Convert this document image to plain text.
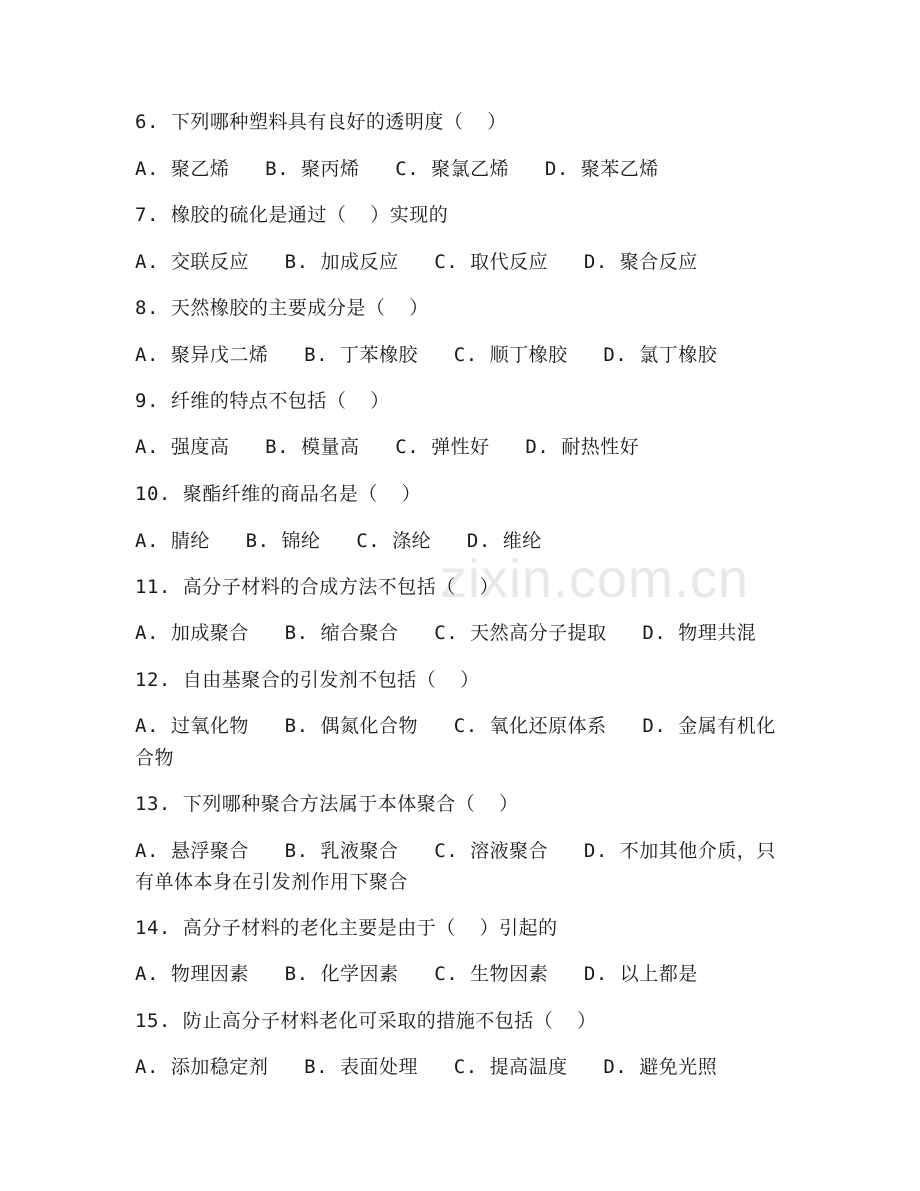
zixin.com.cn
6. 下列哪种塑料具有良好的透明度（  ）
A. 聚乙烯   B. 聚丙烯   C. 聚氯乙烯   D. 聚苯乙烯
7. 橡胶的硫化是通过（  ）实现的
A. 交联反应   B. 加成反应   C. 取代反应   D. 聚合反应
8. 天然橡胶的主要成分是（  ）
A. 聚异戊二烯   B. 丁苯橡胶   C. 顺丁橡胶   D. 氯丁橡胶
9. 纤维的特点不包括（  ）
A. 强度高   B. 模量高   C. 弹性好   D. 耐热性好
10. 聚酯纤维的商品名是（  ）
A. 腈纶   B. 锦纶   C. 涤纶   D. 维纶
11. 高分子材料的合成方法不包括（  ）
A. 加成聚合   B. 缩合聚合   C. 天然高分子提取   D. 物理共混
12. 自由基聚合的引发剂不包括（  ）
A. 过氧化物   B. 偶氮化合物   C. 氧化还原体系   D. 金属有机化
合物
13. 下列哪种聚合方法属于本体聚合（  ）
A. 悬浮聚合   B. 乳液聚合   C. 溶液聚合   D. 不加其他介质，只
有单体本身在引发剂作用下聚合
14. 高分子材料的老化主要是由于（  ）引起的
A. 物理因素   B. 化学因素   C. 生物因素   D. 以上都是
15. 防止高分子材料老化可采取的措施不包括（  ）
A. 添加稳定剂   B. 表面处理   C. 提高温度   D. 避免光照
